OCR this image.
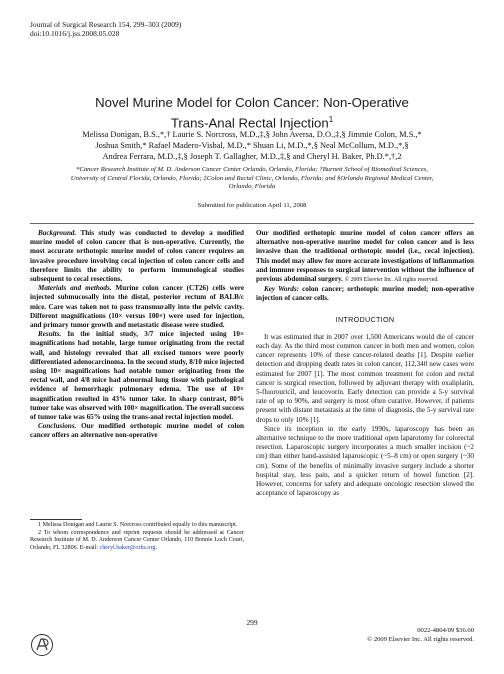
Journal of Surgical Research 154, 299–303 (2009)
doi:10.1016/j.jss.2008.05.028
Novel Murine Model for Colon Cancer: Non-Operative
Trans-Anal Rectal Injection$^1$
Melissa Donigan, B.S.,*,† Laurie S. Norcross, M.D.,‡,§ John Aversa, D.O.,‡,§ Jimmie Colon, M.S.,*
Joshua Smith,* Rafael Madero-Visbal, M.D.,* Shuan Li, M.D.,*,§ Neal McCollum, M.D.,*,§
Andrea Ferrara, M.D.,‡,§ Joseph T. Gallagher, M.D.,‡,§ and Cheryl H. Baker, Ph.D.*,†,2
*Cancer Research Institute of M. D. Anderson Cancer Center Orlando, Orlando, Florida; †Burnett School of Biomedical Sciences,
University of Central Florida, Orlando, Florida; ‡Colon and Rectal Clinic, Orlando, Florida; and §Orlando Regional Medical Center,
Orlando, Florida
Submitted for publication April 11, 2008

Background. This study was conducted to develop a modified murine model of colon cancer that is non-operative. Currently, the most accurate orthotopic murine model of colon cancer requires an invasive procedure involving cecal injection of colon cancer cells and therefore limits the ability to perform immunological studies subsequent to cecal resections.

Materials and methods. Murine colon cancer (CT26) cells were injected submucosally into the distal, posterior rectum of BALB/c mice. Care was taken not to pass transmurally into the pelvic cavity. Different magnifications (10× versus 100×) were used for injection, and primary tumor growth and metastatic disease were studied.

Results. In the initial study, 3/7 mice injected using 10× magnifications had notable, large tumor originating from the rectal wall, and histology revealed that all excised tumors were poorly differentiated adenocarcinoma. In the second study, 8/10 mice injected using 10× magnifications had notable tumor originating from the rectal wall, and 4/8 mice had abnormal lung tissue with pathological evidence of hemorrhagic pulmonary edema. The use of 10× magnification resulted in 43% tumor take. In sharp contrast, 80% tumor take was observed with 100× magnification. The overall success of tumor take was 65% using the trans-anal rectal injection model.

Conclusions. Our modified orthotopic murine model of colon cancer offers an alternative non-operative

Our modified orthotopic murine model of colon cancer offers an alternative non-operative murine model for colon cancer and is less invasive than the traditional orthotopic model (i.e., cecal injection). This model may allow for more accurate investigations of inflammation and immune responses to surgical intervention without the influence of previous abdominal surgery. © 2009 Elsevier Inc. All rights reserved.

Key Words: colon cancer; orthotopic murine model; non-operative injection of cancer cells.

INTRODUCTION

It was estimated that in 2007 over 1,500 Americans would die of cancer each day. As the third most common cancer in both men and women, colon cancer represents 10% of these cancer-related deaths [1]. Despite earlier detection and dropping death rates in colon cancer, 112,340 new cases were estimated for 2007 [1]. The most common treatment for colon and rectal cancer is surgical resection, followed by adjuvant therapy with oxaliplatin, 5-fluorouricil, and leucovorin. Early detection can provide a 5-y survival rate of up to 90%, and surgery is most often curative. However, if patients present with distant metastasis at the time of diagnosis, the 5-y survival rate drops to only 10% [1].

Since its inception in the early 1990s, laparoscopy has been an alternative technique to the more traditional open laparotomy for colorectal resection. Laparoscopic surgery incorporates a much smaller incision (~2 cm) than either hand-assisted laparoscopic (~5–8 cm) or open surgery (~30 cm). Some of the benefits of minimally invasive surgery include a shorter hospital stay, less pain, and a quicker return of bowel function [2]. However, concerns for safety and adequate oncologic resection slowed the acceptance of laparoscopy as

1 Melissa Donigan and Laurie S. Norcross contributed equally to this manuscript.

2 To whom correspondence and reprint requests should be addressed at Cancer Research Institute of M. D. Anderson Cancer Center Orlando, 110 Bonnie Loch Court, Orlando, FL 32806. E-mail: cheryl.baker@orhs.org.

299
0022-4804/09 $36.00
© 2009 Elsevier Inc. All rights reserved.
